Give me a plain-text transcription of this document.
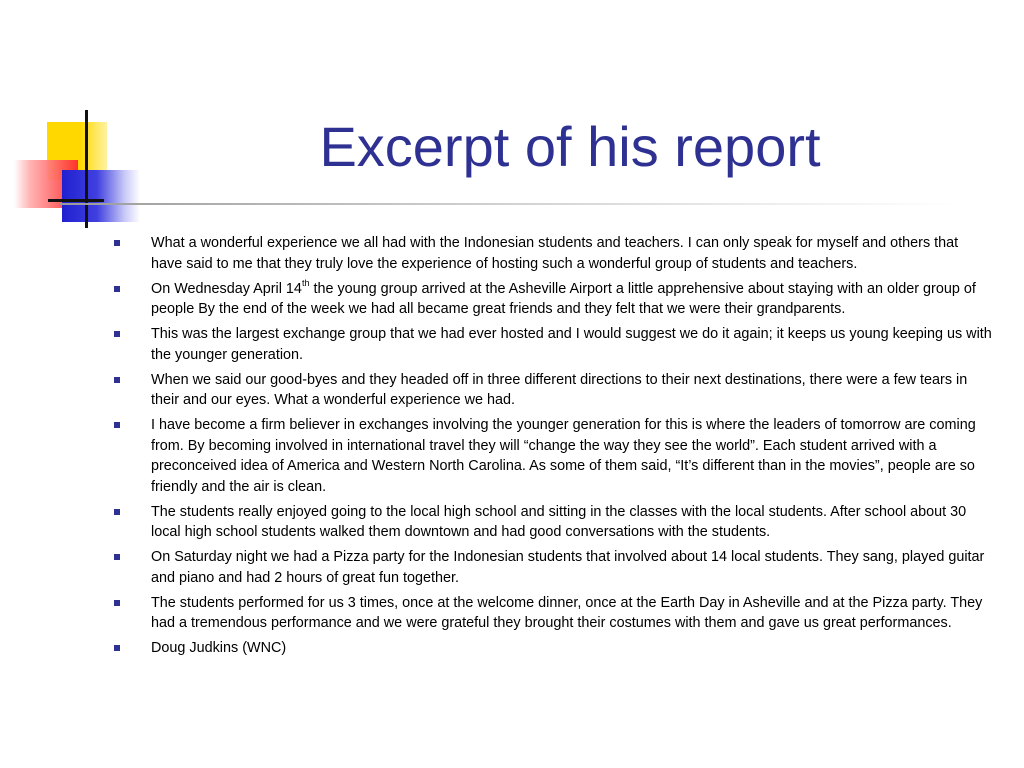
Excerpt of his report
What a wonderful experience we all had with the Indonesian students and teachers. I can only speak for myself and others that have said to me that they truly love the experience of hosting such a wonderful group of students and teachers.
On Wednesday April 14th the young group arrived at the Asheville Airport a little apprehensive about staying with an older group of people By the end of the week we had all became great friends and they felt that we were their grandparents.
This was the largest exchange group that we had ever hosted and I would suggest we do it again; it keeps us young keeping us with the younger generation.
When we said our good-byes and they headed off in three different directions to their next destinations, there were a few tears in their and our eyes. What a wonderful experience we had.
I have become a firm believer in exchanges involving the younger generation for this is where the leaders of tomorrow are coming from. By becoming involved in international travel they will “change the way they see the world”. Each student arrived with a preconceived idea of America and Western North Carolina. As some of them said, “It’s different than in the movies”, people are so friendly and the air is clean.
The students really enjoyed going to the local high school and sitting in the classes with the local students. After school about 30 local high school students walked them downtown and had good conversations with the students.
On Saturday night we had a Pizza party for the Indonesian students that involved about 14 local students. They sang, played guitar and piano and had 2 hours of great fun together.
The students performed for us 3 times, once at the welcome dinner, once at the Earth Day in Asheville and at the Pizza party. They had a tremendous performance and we were grateful they brought their costumes with them and gave us great performances.
Doug Judkins (WNC)
